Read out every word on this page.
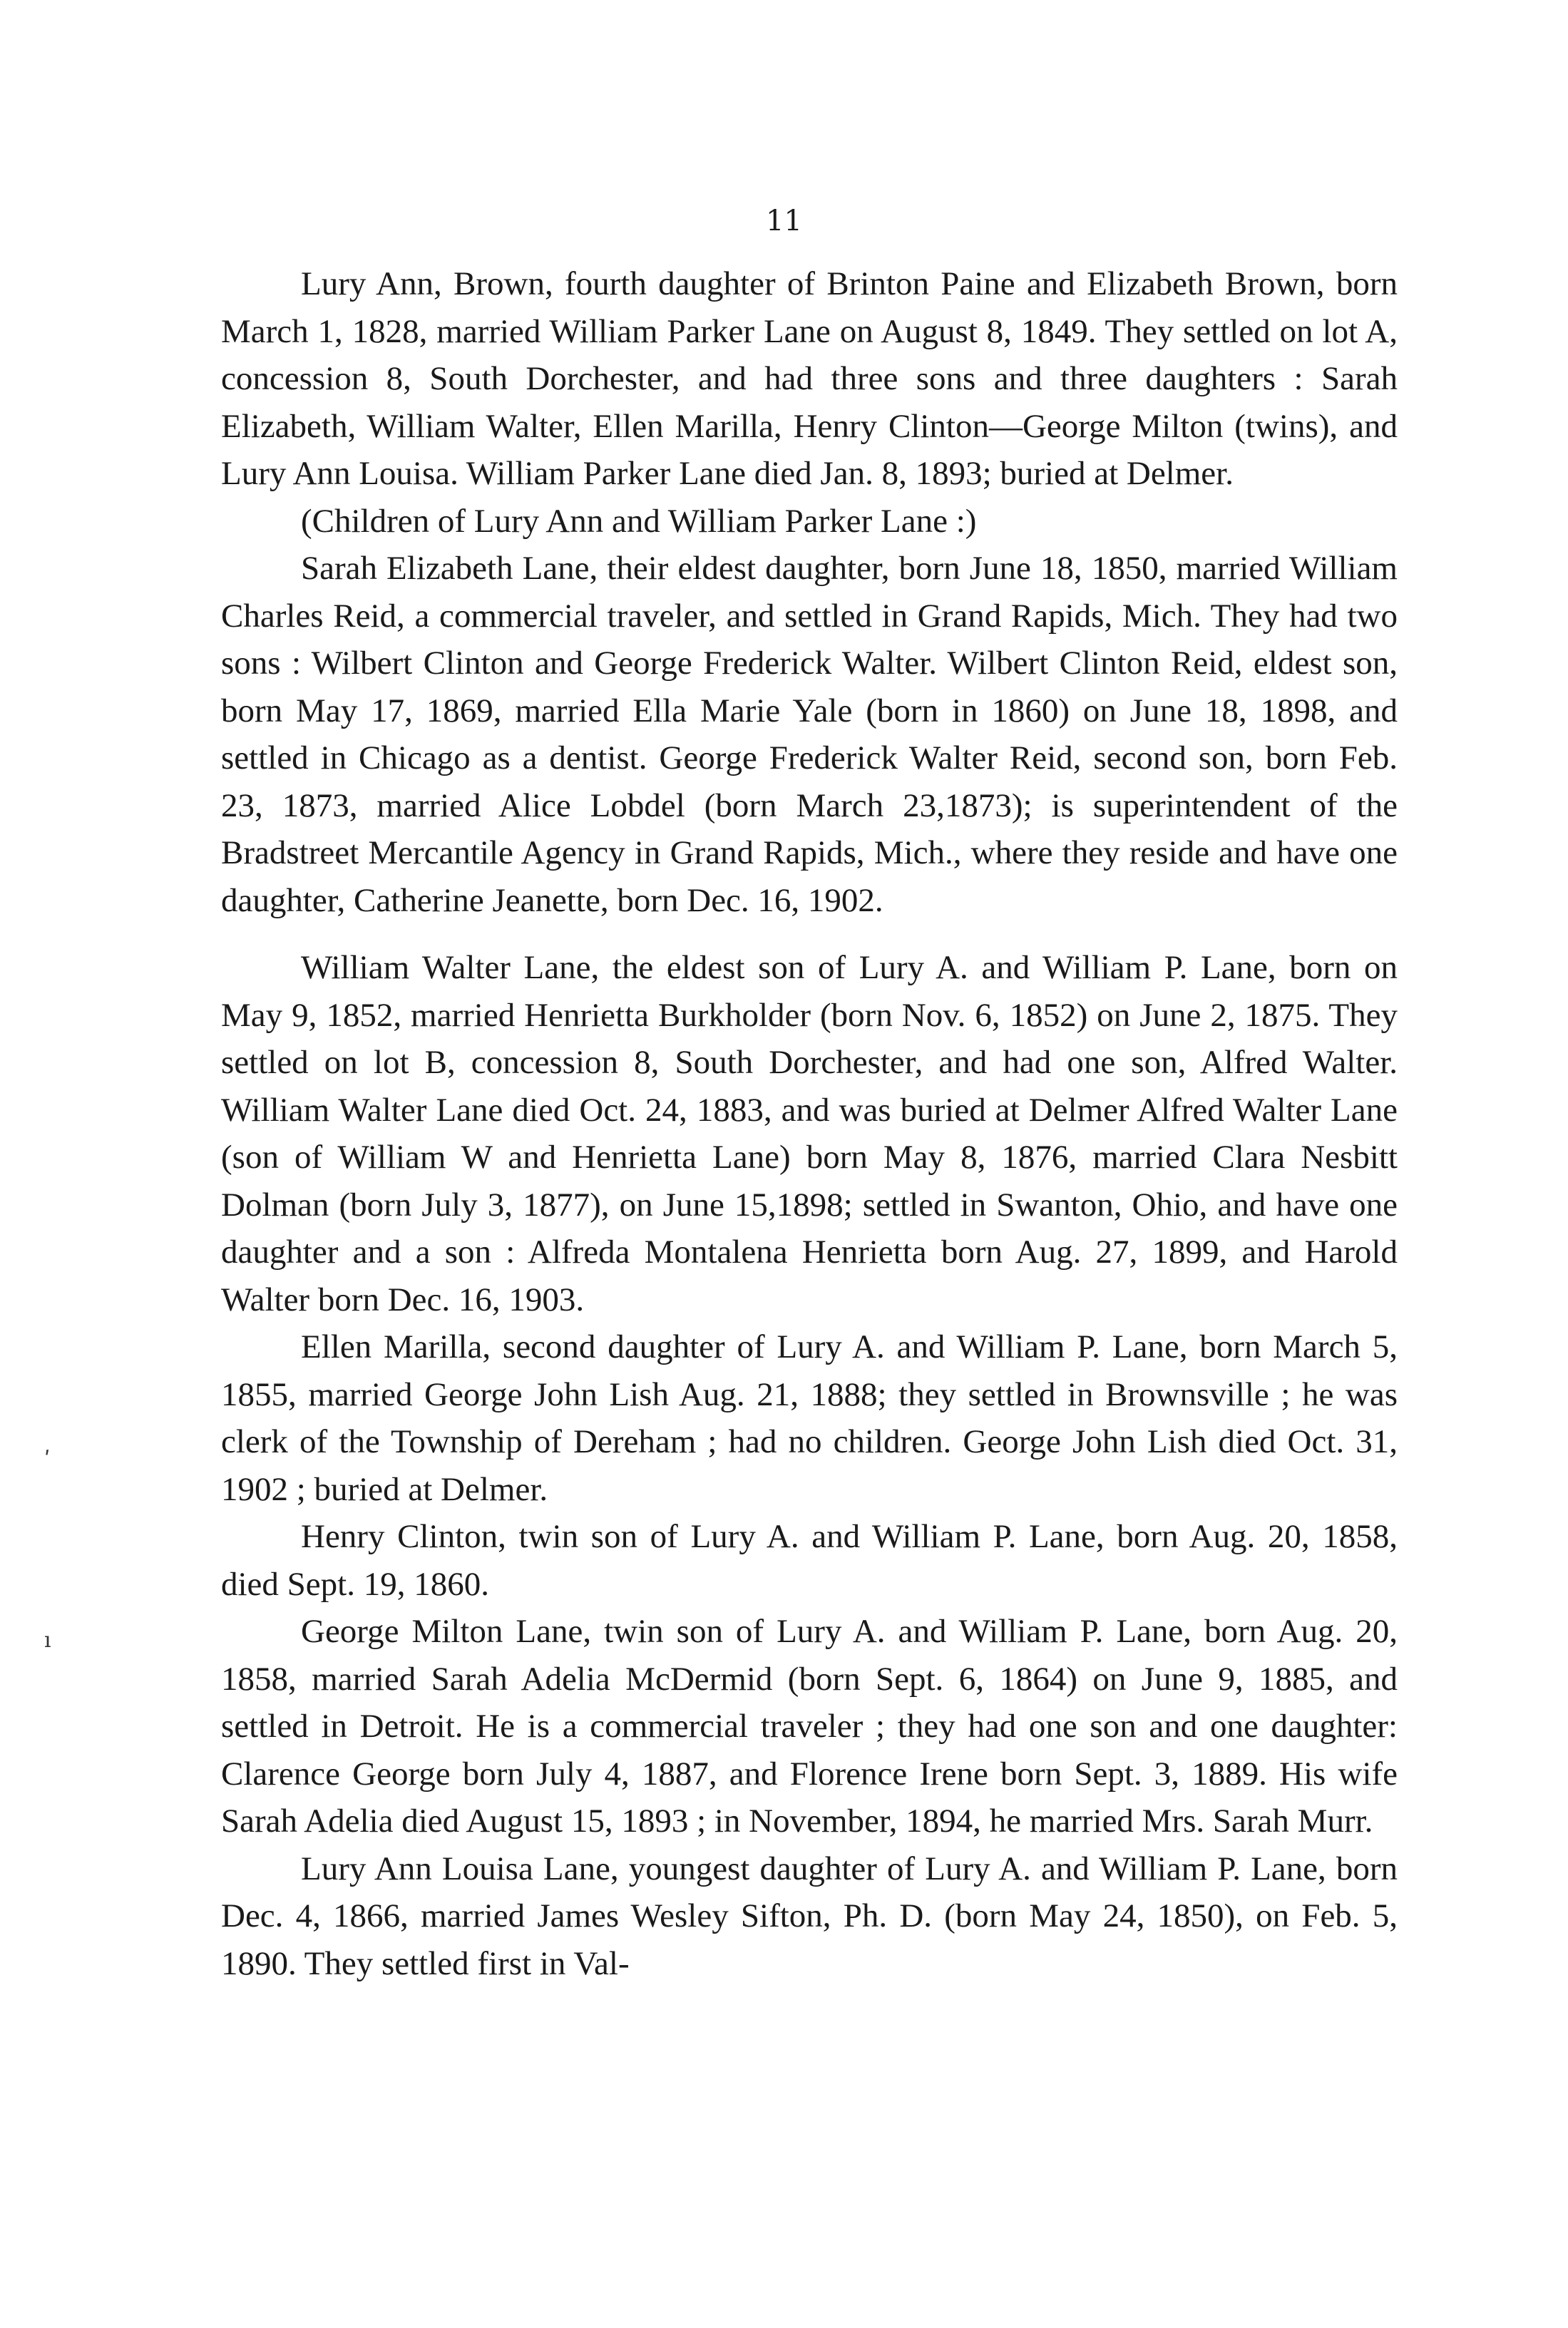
11

Lury Ann, Brown, fourth daughter of Brinton Paine and Elizabeth Brown, born March 1, 1828, married William Parker Lane on August 8, 1849. They settled on lot A, concession 8, South Dorchester, and had three sons and three daughters : Sarah Elizabeth, William Walter, Ellen Marilla, Henry Clinton—George Milton (twins), and Lury Ann Louisa. William Parker Lane died Jan. 8, 1893; buried at Delmer.

(Children of Lury Ann and William Parker Lane :)

Sarah Elizabeth Lane, their eldest daughter, born June 18, 1850, married William Charles Reid, a commercial traveler, and settled in Grand Rapids, Mich. They had two sons : Wilbert Clinton and George Frederick Walter. Wilbert Clinton Reid, eldest son, born May 17, 1869, married Ella Marie Yale (born in 1860) on June 18, 1898, and settled in Chicago as a dentist. George Frederick Walter Reid, second son, born Feb. 23, 1873, married Alice Lobdel (born March 23,1873); is superintendent of the Bradstreet Mercantile Agency in Grand Rapids, Mich., where they reside and have one daughter, Catherine Jeanette, born Dec. 16, 1902.

William Walter Lane, the eldest son of Lury A. and William P. Lane, born on May 9, 1852, married Henrietta Burkholder (born Nov. 6, 1852) on June 2, 1875. They settled on lot B, concession 8, South Dorchester, and had one son, Alfred Walter. William Walter Lane died Oct. 24, 1883, and was buried at Delmer Alfred Walter Lane (son of William W and Henrietta Lane) born May 8, 1876, married Clara Nesbitt Dolman (born July 3, 1877), on June 15,1898; settled in Swanton, Ohio, and have one daughter and a son : Alfreda Montalena Henrietta born Aug. 27, 1899, and Harold Walter born Dec. 16, 1903.

Ellen Marilla, second daughter of Lury A. and William P. Lane, born March 5, 1855, married George John Lish Aug. 21, 1888; they settled in Brownsville ; he was clerk of the Township of Dereham ; had no children. George John Lish died Oct. 31, 1902 ; buried at Delmer.

Henry Clinton, twin son of Lury A. and William P. Lane, born Aug. 20, 1858, died Sept. 19, 1860.

George Milton Lane, twin son of Lury A. and William P. Lane, born Aug. 20, 1858, married Sarah Adelia McDermid (born Sept. 6, 1864) on June 9, 1885, and settled in Detroit. He is a commercial traveler ; they had one son and one daughter: Clarence George born July 4, 1887, and Florence Irene born Sept. 3, 1889. His wife Sarah Adelia died August 15, 1893 ; in November, 1894, he married Mrs. Sarah Murr.

Lury Ann Louisa Lane, youngest daughter of Lury A. and William P. Lane, born Dec. 4, 1866, married James Wesley Sifton, Ph. D. (born May 24, 1850), on Feb. 5, 1890. They settled first in Val-

ʹ
ı
